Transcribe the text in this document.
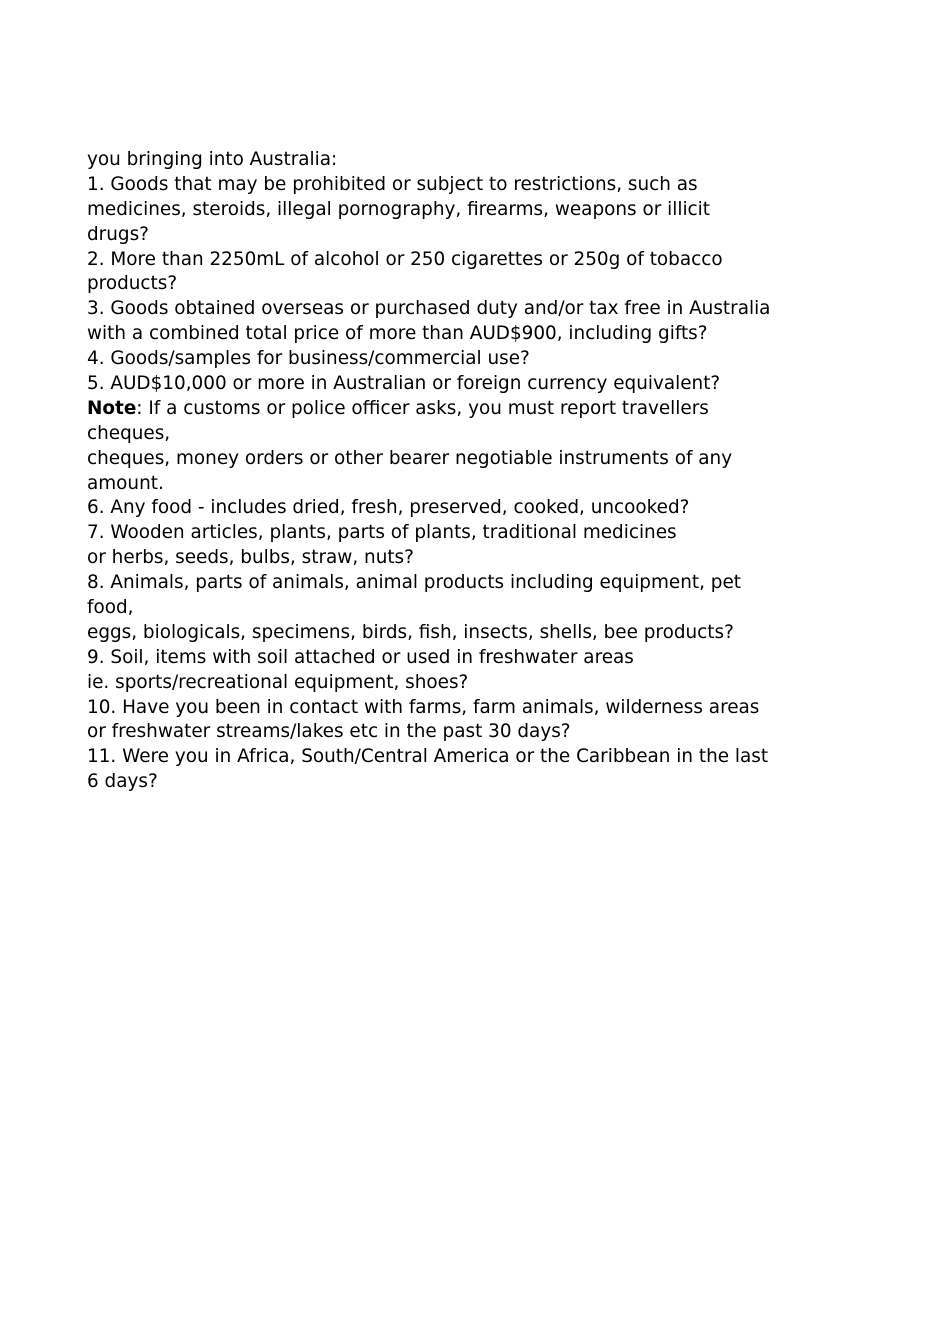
you bringing into Australia:
1. Goods that may be prohibited or subject to restrictions, such as
medicines, steroids, illegal pornography, firearms, weapons or illicit
drugs?
2. More than 2250mL of alcohol or 250 cigarettes or 250g of tobacco
products?
3. Goods obtained overseas or purchased duty and/or tax free in Australia
with a combined total price of more than AUD$900, including gifts?
4. Goods/samples for business/commercial use?
5. AUD$10,000 or more in Australian or foreign currency equivalent?
Note: If a customs or police officer asks, you must report travellers
cheques,
cheques, money orders or other bearer negotiable instruments of any
amount.
6. Any food - includes dried, fresh, preserved, cooked, uncooked?
7. Wooden articles, plants, parts of plants, traditional medicines
or herbs, seeds, bulbs, straw, nuts?
8. Animals, parts of animals, animal products including equipment, pet
food,
eggs, biologicals, specimens, birds, fish, insects, shells, bee products?
9. Soil, items with soil attached or used in freshwater areas
ie. sports/recreational equipment, shoes?
10. Have you been in contact with farms, farm animals, wilderness areas
or freshwater streams/lakes etc in the past 30 days?
11. Were you in Africa, South/Central America or the Caribbean in the last
6 days?
